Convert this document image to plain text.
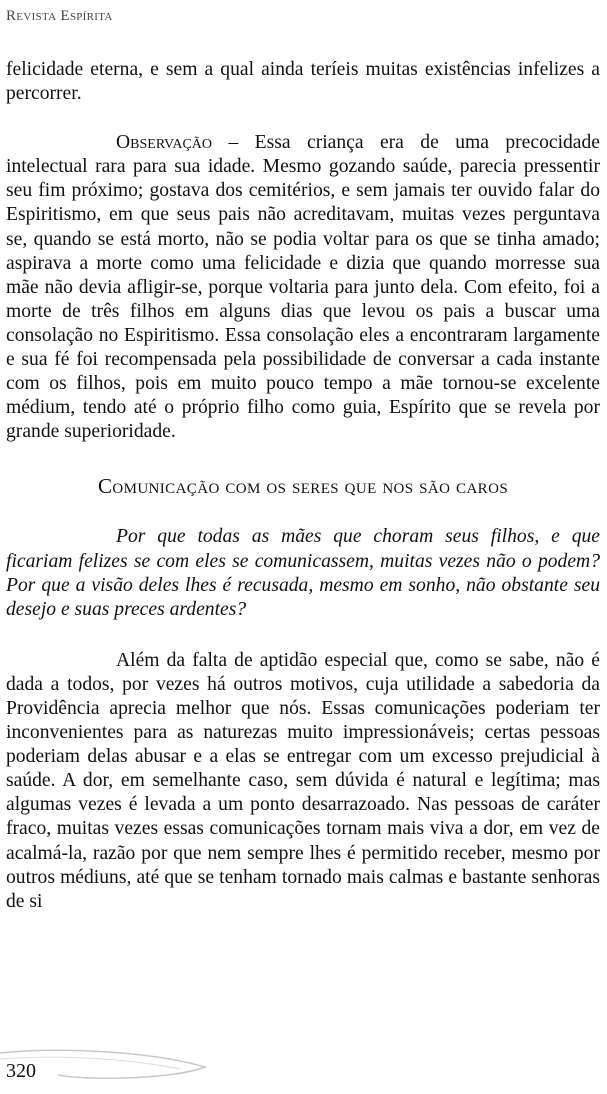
Revista Espírita

felicidade eterna, e sem a qual ainda teríeis muitas existências infelizes a percorrer.

Observação – Essa criança era de uma precocidade intelectual rara para sua idade. Mesmo gozando saúde, parecia pressentir seu fim próximo; gostava dos cemitérios, e sem jamais ter ouvido falar do Espiritismo, em que seus pais não acreditavam, muitas vezes perguntava se, quando se está morto, não se podia voltar para os que se tinha amado; aspirava a morte como uma felicidade e dizia que quando morresse sua mãe não devia afligir-se, porque voltaria para junto dela. Com efeito, foi a morte de três filhos em alguns dias que levou os pais a buscar uma consolação no Espiritismo. Essa consolação eles a encontraram largamente e sua fé foi recompensada pela possibilidade de conversar a cada instante com os filhos, pois em muito pouco tempo a mãe tornou-se excelente médium, tendo até o próprio filho como guia, Espírito que se revela por grande superioridade.

Comunicação com os seres que nos são caros

Por que todas as mães que choram seus filhos, e que ficariam felizes se com eles se comunicassem, muitas vezes não o podem? Por que a visão deles lhes é recusada, mesmo em sonho, não obstante seu desejo e suas preces ardentes?

Além da falta de aptidão especial que, como se sabe, não é dada a todos, por vezes há outros motivos, cuja utilidade a sabedoria da Providência aprecia melhor que nós. Essas comunicações poderiam ter inconvenientes para as naturezas muito impressionáveis; certas pessoas poderiam delas abusar e a elas se entregar com um excesso prejudicial à saúde. A dor, em semelhante caso, sem dúvida é natural e legítima; mas algumas vezes é levada a um ponto desarrazoado. Nas pessoas de caráter fraco, muitas vezes essas comunicações tornam mais viva a dor, em vez de acalmá-la, razão por que nem sempre lhes é permitido receber, mesmo por outros médiuns, até que se tenham tornado mais calmas e bastante senhoras de si

320
